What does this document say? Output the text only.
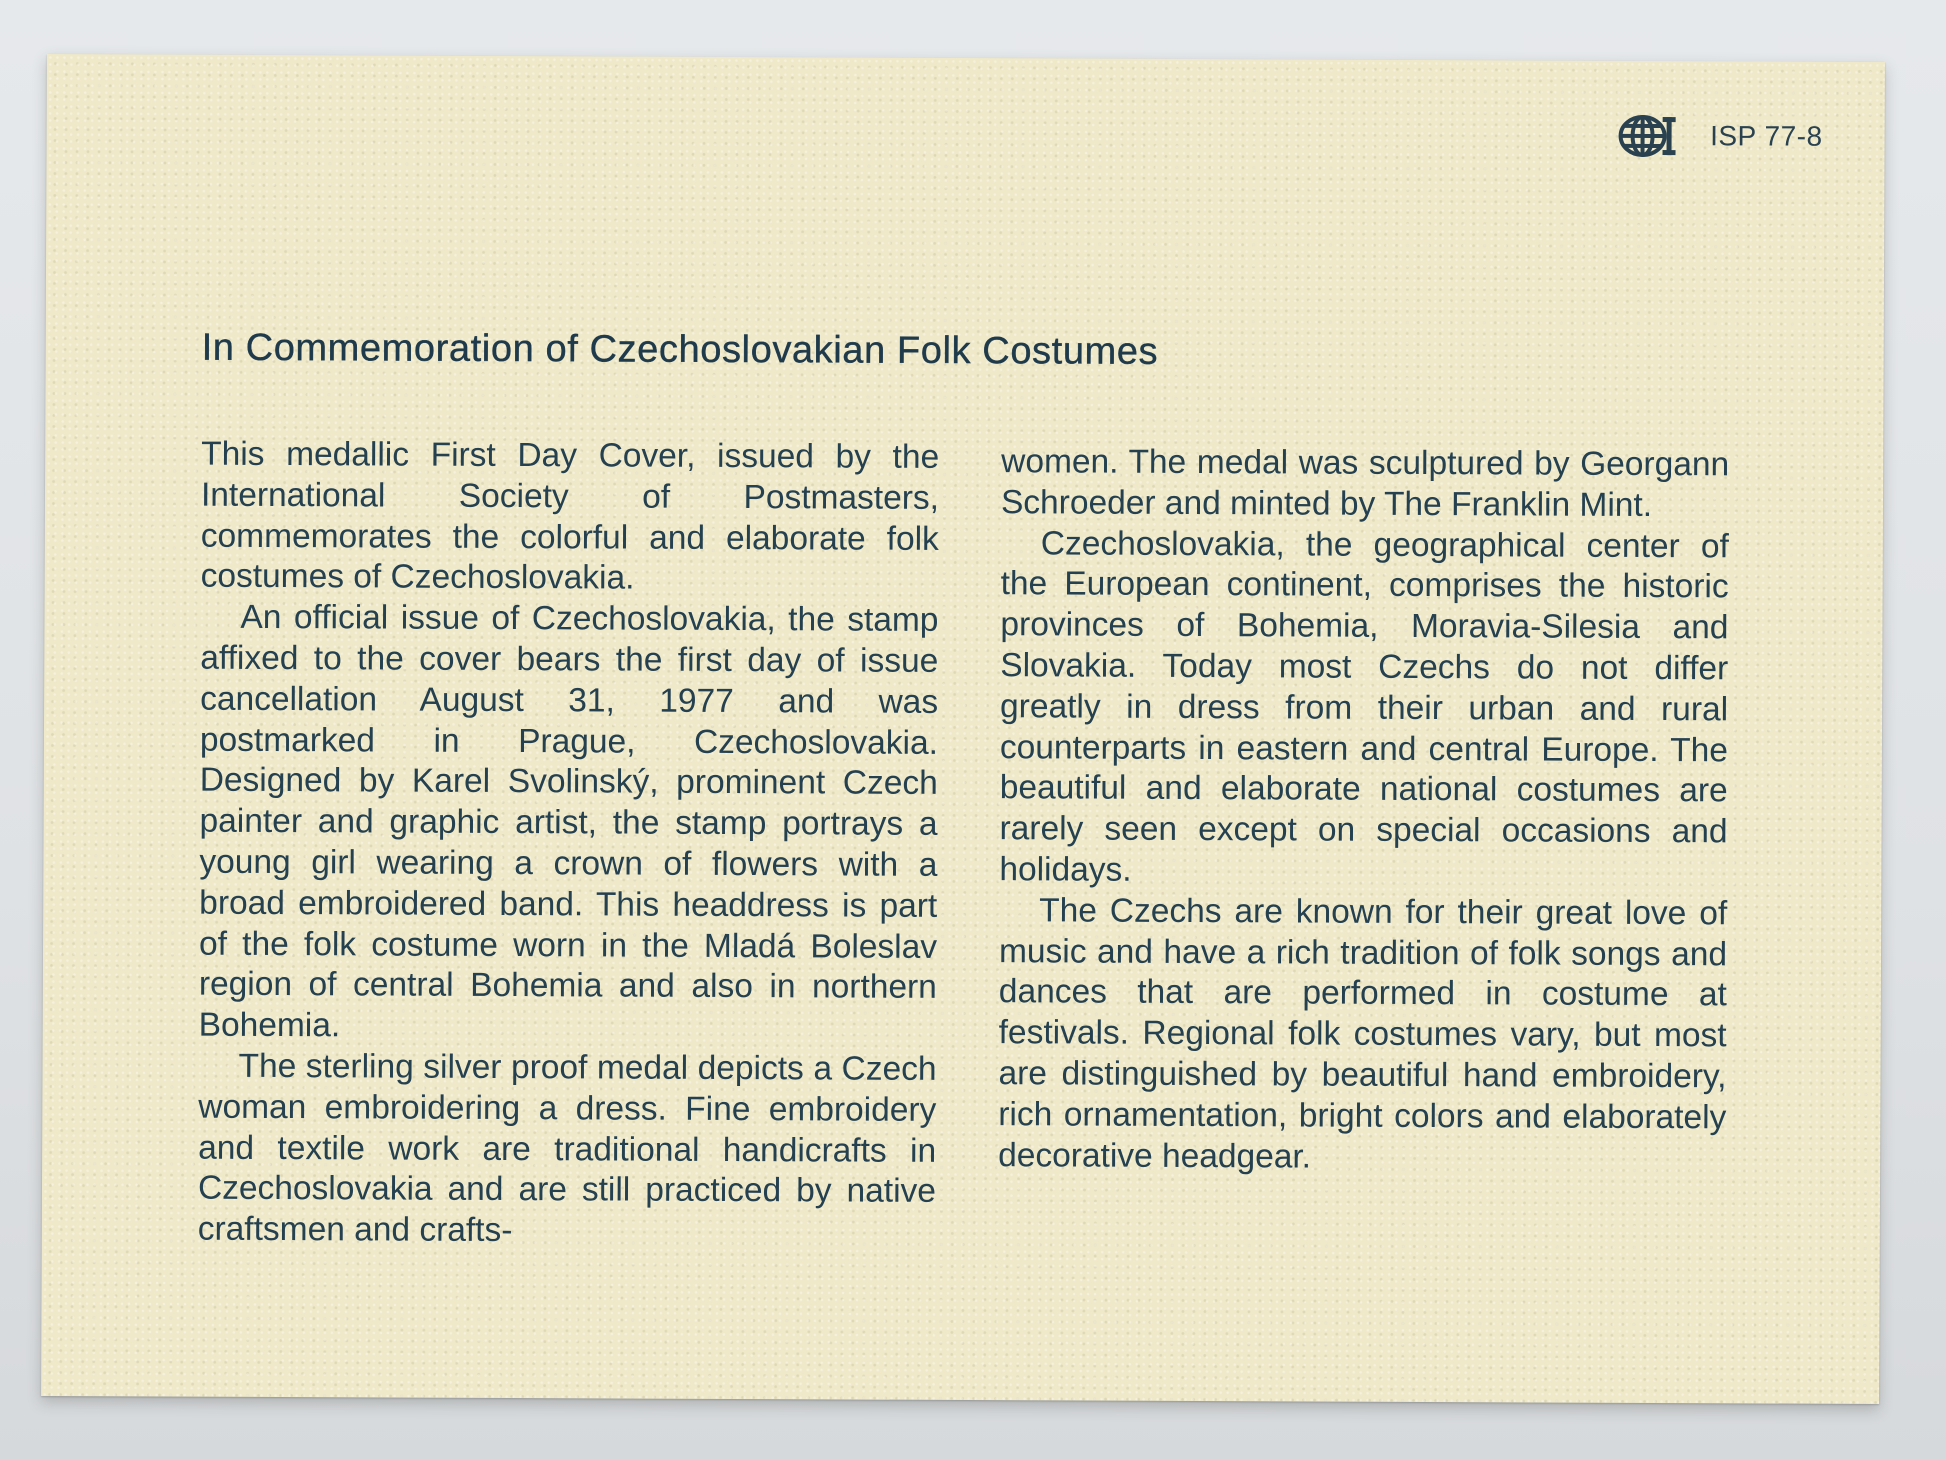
ISP 77-8
In Commemoration of Czechoslovakian Folk Costumes

This medallic First Day Cover, issued by the International Society of Postmasters, commemorates the colorful and elaborate folk costumes of Czechoslovakia.

An official issue of Czechoslovakia, the stamp affixed to the cover bears the first day of issue cancellation August 31, 1977 and was postmarked in Prague, Czechoslovakia. Designed by Karel Svolinský, prominent Czech painter and graphic artist, the stamp portrays a young girl wearing a crown of flowers with a broad embroidered band. This headdress is part of the folk costume worn in the Mladá Boleslav region of central Bohemia and also in northern Bohemia.

The sterling silver proof medal depicts a Czech woman embroidering a dress. Fine embroidery and textile work are traditional handicrafts in Czechoslovakia and are still practiced by native craftsmen and crafts-

women. The medal was sculptured by Georgann Schroeder and minted by The Franklin Mint.

Czechoslovakia, the geographical center of the European continent, comprises the historic provinces of Bohemia, Moravia-Silesia and Slovakia. Today most Czechs do not differ greatly in dress from their urban and rural counterparts in eastern and central Europe. The beautiful and elaborate national costumes are rarely seen except on special occasions and holidays.

The Czechs are known for their great love of music and have a rich tradition of folk songs and dances that are performed in costume at festivals. Regional folk costumes vary, but most are distinguished by beautiful hand embroidery, rich ornamentation, bright colors and elaborately decorative headgear.
